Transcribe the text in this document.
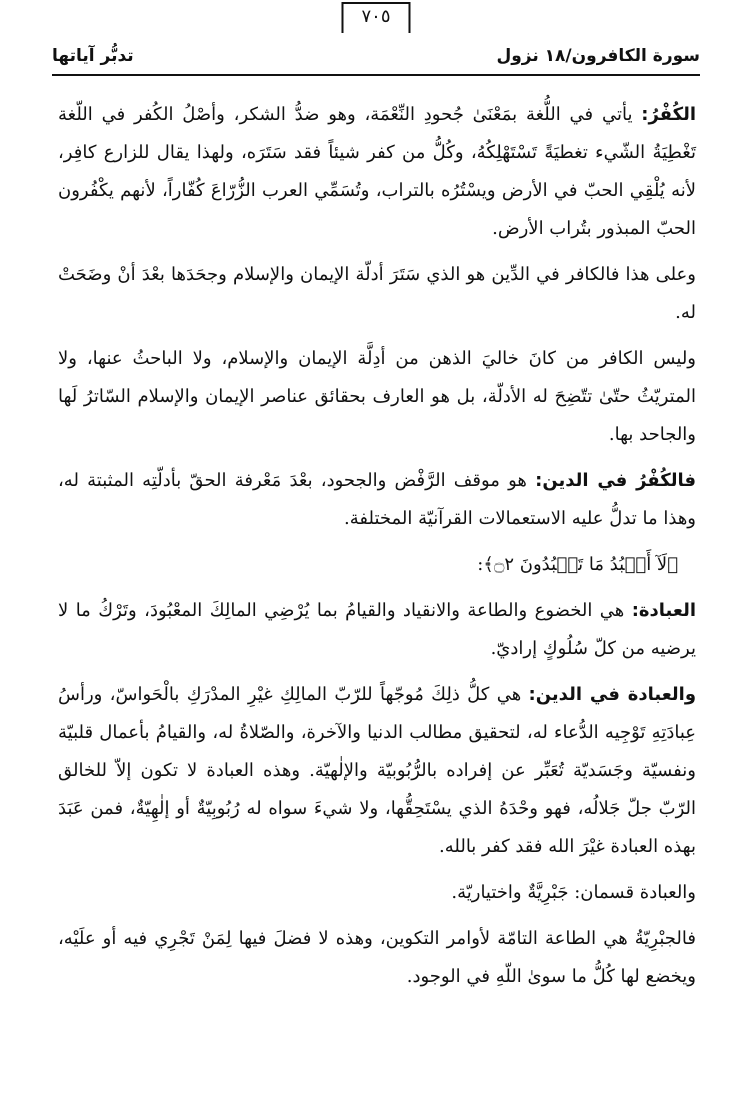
سورة الكافرون/١٨ نزول
تدبُّر آياتها
٧٠٥

الكُفْرُ: يأتي في اللُّغة بمَعْنَىٰ جُحودِ النِّعْمَة، وهو ضدُّ الشكر، وأصْلُ الكُفر في اللّغة تَغْطِيَةُ الشّيء تغطيَةً تَسْتَهْلِكُهُ، وكُلُّ من كفر شيئاً فقد سَتَرَه، ولهذا يقال للزارع كافِر، لأنه يُلْقِي الحبّ في الأرض ويسْتُرُه بالتراب، وتُسَمِّي العرب الزُّرّاعَ كُفّاراً، لأنهم يكْفُرون الحبّ المبذور بتُراب الأرض.

وعلى هذا فالكافر في الدِّين هو الذي سَتَرَ أدلّة الإيمان والإسلام وجحَدَها بعْدَ أنْ وضَحَتْ له.

وليس الكافر من كانَ خاليَ الذهن من أدِلَّة الإيمان والإسلام، ولا الباحثُ عنها، ولا المتريّثُ حتّىٰ تتّضِحَ له الأدلّة، بل هو العارف بحقائق عناصر الإيمان والإسلام السّاترُ لَها والجاحد بها.

فالكُفْرُ في الدين: هو موقف الرَّفْض والجحود، بعْدَ مَعْرفة الحقّ بأدلّتِه المثبتة له، وهذا ما تدلُّ عليه الاستعمالات القرآنيّة المختلفة.

﴿لَآ أَعۡبُدُ مَا تَعۡبُدُونَ ۝٢﴾:

العبادة: هي الخضوع والطاعة والانقياد والقيامُ بما يُرْضِي المالِكَ المعْبُودَ، وتَرْكُ ما لا يرضيه من كلّ سُلُوكٍ إراديّ.

والعبادة في الدين: هي كلُّ ذلِكَ مُوجّهاً للرّبّ المالِكِ غيْرِ المدْرَكِ بالْحَواسّ، ورأسُ عِبادَتِهِ تَوْجِيه الدُّعاء له، لتحقيق مطالب الدنيا والآخرة، والصّلاةُ له، والقيامُ بأعمال قلبيّة ونفسيّة وجَسَديّة تُعَبِّر عن إفراده بالرُّبُوبيّة والإلٰهيّة. وهذه العبادة لا تكون إلاّ للخالق الرّبّ جلّ جَلالُه، فهو وحْدَهُ الذي يسْتَحِقُّها، ولا شيءَ سواه له رُبُوبِيّةٌ أو إلٰهِيّةٌ، فمن عَبَدَ بهذه العبادة غيْرَ الله فقد كفر بالله.

والعبادة قسمان: جَبْرِيَّةٌ واختياريّة.

فالجبْرِيّةُ هي الطاعة التامّة لأوامر التكوين، وهذه لا فضلَ فيها لِمَنْ تَجْرِي فيه أو علَيْه، ويخضع لها كُلُّ ما سوىٰ اللّهِ في الوجود.
